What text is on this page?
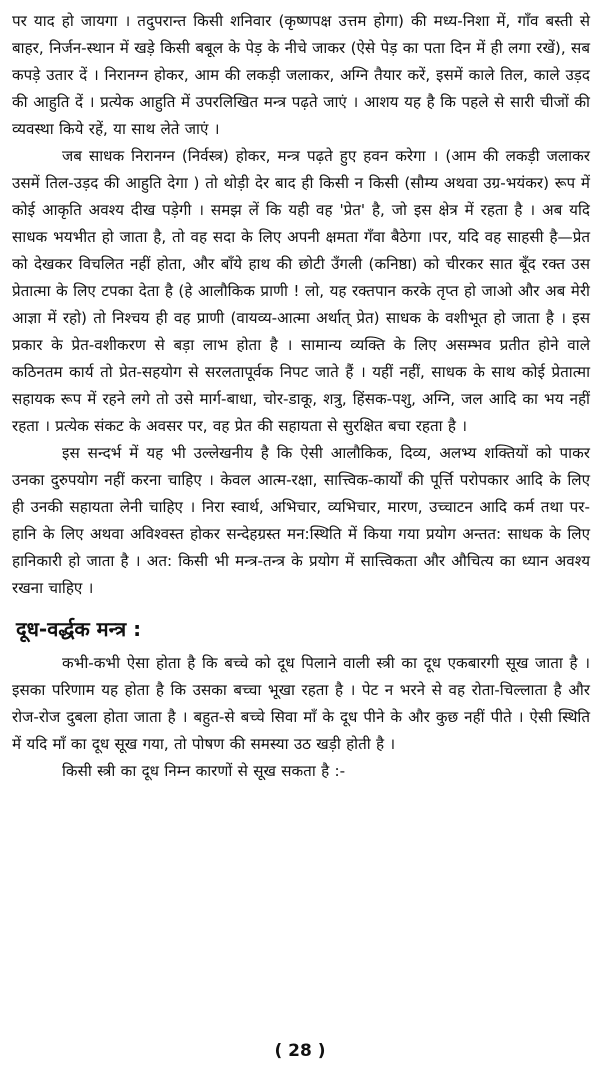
पर याद हो जायगा । तदुपरान्त किसी शनिवार (कृष्णपक्ष उत्तम होगा) की मध्य-निशा में, गाँव बस्ती से बाहर, निर्जन-स्थान में खड़े किसी बबूल के पेड़ के नीचे जाकर (ऐसे पेड़ का पता दिन में ही लगा रखें), सब कपड़े उतार दें । निरानग्न होकर, आम की लकड़ी जलाकर, अग्नि तैयार करें, इसमें काले तिल, काले उड़द की आहुति दें । प्रत्येक आहुति में उपरलिखित मन्त्र पढ़ते जाएं । आशय यह है कि पहले से सारी चीजों की व्यवस्था किये रहें, या साथ लेते जाएं ।

जब साधक निरानग्न (निर्वस्त्र) होकर, मन्त्र पढ़ते हुए हवन करेगा । (आम की लकड़ी जलाकर उसमें तिल-उड़द की आहुति देगा ) तो थोड़ी देर बाद ही किसी न किसी (सौम्य अथवा उग्र-भयंकर) रूप में कोई आकृति अवश्य दीख पड़ेगी । समझ लें कि यही वह 'प्रेत' है, जो इस क्षेत्र में रहता है । अब यदि साधक भयभीत हो जाता है, तो वह सदा के लिए अपनी क्षमता गँवा बैठेगा ।पर, यदि वह साहसी है—प्रेत को देखकर विचलित नहीं होता, और बाँये हाथ की छोटी उँगली (कनिष्ठा) को चीरकर सात बूँद रक्त उस प्रेतात्मा के लिए टपका देता है (हे आलौकिक प्राणी ! लो, यह रक्तपान करके तृप्त हो जाओ और अब मेरी आज्ञा में रहो) तो निश्चय ही वह प्राणी (वायव्य-आत्मा अर्थात् प्रेत) साधक के वशीभूत हो जाता है । इस प्रकार के प्रेत-वशीकरण से बड़ा लाभ होता है । सामान्य व्यक्ति के लिए असम्भव प्रतीत होने वाले कठिनतम कार्य तो प्रेत-सहयोग से सरलतापूर्वक निपट जाते हैं । यहीं नहीं, साधक के साथ कोई प्रेतात्मा सहायक रूप में रहने लगे तो उसे मार्ग-बाधा, चोर-डाकू, शत्रु, हिंसक-पशु, अग्नि, जल आदि का भय नहीं रहता । प्रत्येक संकट के अवसर पर, वह प्रेत की सहायता से सुरक्षित बचा रहता है ।

इस सन्दर्भ में यह भी उल्लेखनीय है कि ऐसी आलौकिक, दिव्य, अलभ्य शक्तियों को पाकर उनका दुरुपयोग नहीं करना चाहिए । केवल आत्म-रक्षा, सात्त्विक-कार्यों की पूर्त्ति परोपकार आदि के लिए ही उनकी सहायता लेनी चाहिए । निरा स्वार्थ, अभिचार, व्यभिचार, मारण, उच्चाटन आदि कर्म तथा पर-हानि के लिए अथवा अविश्वस्त होकर सन्देहग्रस्त मन:स्थिति में किया गया प्रयोग अन्तत: साधक के लिए हानिकारी हो जाता है । अत: किसी भी मन्त्र-तन्त्र के प्रयोग में सात्त्विकता और औचित्य का ध्यान अवश्य रखना चाहिए ।

दूध-वर्द्धक मन्त्र :

कभी-कभी ऐसा होता है कि बच्चे को दूध पिलाने वाली स्त्री का दूध एकबारगी सूख जाता है । इसका परिणाम यह होता है कि उसका बच्चा भूखा रहता है । पेट न भरने से वह रोता-चिल्लाता है और रोज-रोज दुबला होता जाता है । बहुत-से बच्चे सिवा माँ के दूध पीने के और कुछ नहीं पीते । ऐसी स्थिति में यदि माँ का दूध सूख गया, तो पोषण की समस्या उठ खड़ी होती है ।

किसी स्त्री का दूध निम्न कारणों से सूख सकता है :-

( 28 )
